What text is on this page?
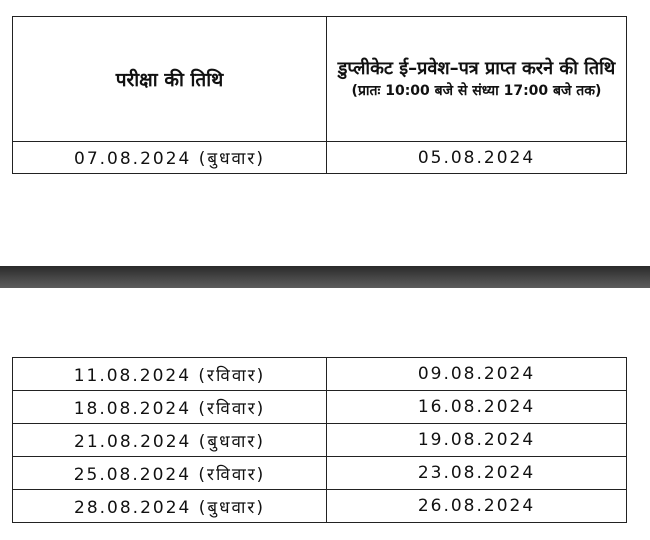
परीक्षा की तिथि	डुप्लीकेट ई–प्रवेश–पत्र प्राप्त करने की तिथि
(प्रातः 10:00 बजे से संध्या 17:00 बजे तक)

07.08.2024 (बुधवार)	05.08.2024
11.08.2024 (रविवार)	09.08.2024
18.08.2024 (रविवार)	16.08.2024
21.08.2024 (बुधवार)	19.08.2024
25.08.2024 (रविवार)	23.08.2024
28.08.2024 (बुधवार)	26.08.2024
